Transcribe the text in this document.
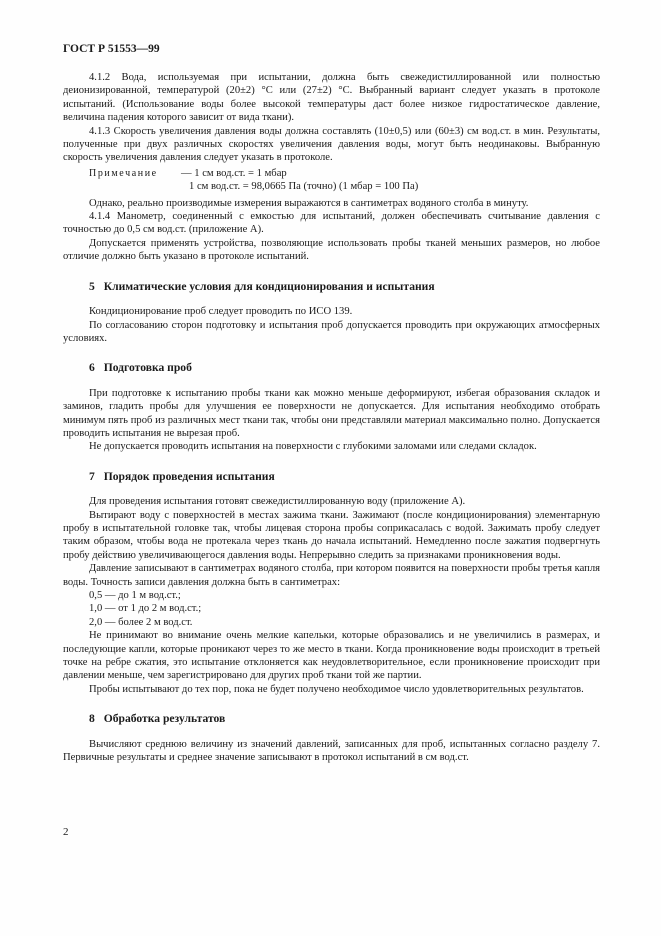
ГОСТ Р 51553—99

4.1.2 Вода, используемая при испытании, должна быть свежедистиллированной или полностью деионизированной, температурой (20±2) °С или (27±2) °С. Выбранный вариант следует указать в протоколе испытаний. (Использование воды более высокой температуры даст более низкое гидростатическое давление, величина падения которого зависит от вида ткани).

4.1.3 Скорость увеличения давления воды должна составлять (10±0,5) или (60±3) см вод.ст. в мин. Результаты, полученные при двух различных скоростях увеличения давления воды, могут быть неодинаковы. Выбранную скорость увеличения давления следует указать в протоколе.

Примечание	— 1 см вод.ст. = 1 мбар
1 см вод.ст. = 98,0665 Па (точно) (1 мбар = 100 Па)

Однако, реально производимые измерения выражаются в сантиметрах водяного столба в минуту.

4.1.4 Манометр, соединенный с емкостью для испытаний, должен обеспечивать считывание давления с точностью до 0,5 см вод.ст. (приложение А).

Допускается применять устройства, позволяющие использовать пробы тканей меньших размеров, но любое отличие должно быть указано в протоколе испытаний.

5 Климатические условия для кондиционирования и испытания

Кондиционирование проб следует проводить по ИСО 139.

По согласованию сторон подготовку и испытания проб допускается проводить при окружающих атмосферных условиях.

6 Подготовка проб

При подготовке к испытанию пробы ткани как можно меньше деформируют, избегая образования складок и заминов, гладить пробы для улучшения ее поверхности не допускается. Для испытания необходимо отобрать минимум пять проб из различных мест ткани так, чтобы они представляли материал максимально полно. Допускается проводить испытания не вырезая проб.

Не допускается проводить испытания на поверхности с глубокими заломами или следами складок.

7 Порядок проведения испытания

Для проведения испытания готовят свежедистиллированную воду (приложение А).

Вытирают воду с поверхностей в местах зажима ткани. Зажимают (после кондиционирования) элементарную пробу в испытательной головке так, чтобы лицевая сторона пробы соприкасалась с водой. Зажимать пробу следует таким образом, чтобы вода не протекала через ткань до начала испытаний. Немедленно после зажатия подвергнуть пробу действию увеличивающегося давления воды. Непрерывно следить за признаками проникновения воды.

Давление записывают в сантиметрах водяного столба, при котором появится на поверхности пробы третья капля воды. Точность записи давления должна быть в сантиметрах:

0,5 — до 1 м вод.ст.;

1,0 — от 1 до 2 м вод.ст.;

2,0 — более 2 м вод.ст.

Не принимают во внимание очень мелкие капельки, которые образовались и не увеличились в размерах, и последующие капли, которые проникают через то же место в ткани. Когда проникновение воды происходит в третьей точке на ребре сжатия, это испытание отклоняется как неудовлетворительное, если проникновение происходит при давлении меньше, чем зарегистрировано для других проб ткани той же партии.

Пробы испытывают до тех пор, пока не будет получено необходимое число удовлетворительных результатов.

8 Обработка результатов

Вычисляют среднюю величину из значений давлений, записанных для проб, испытанных согласно разделу 7. Первичные результаты и среднее значение записывают в протокол испытаний в см вод.ст.

2
